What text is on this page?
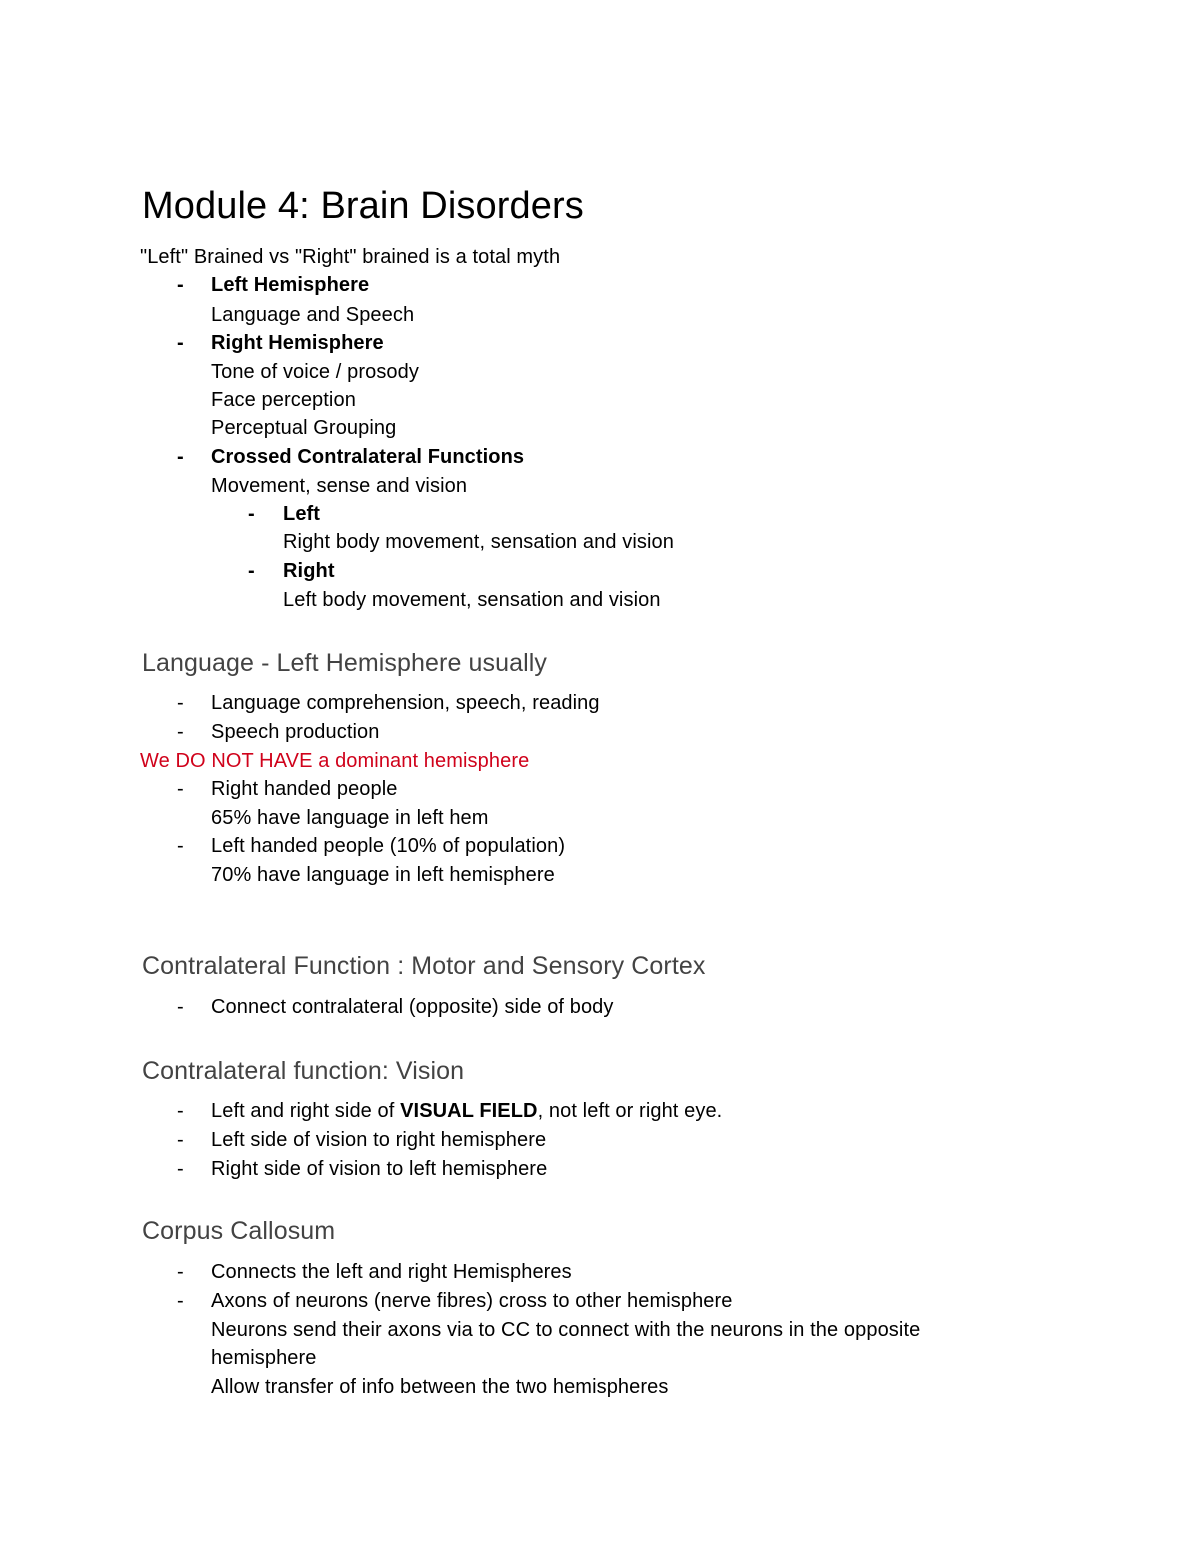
Module 4: Brain Disorders
"Left" Brained vs "Right" brained is a total myth
- Left Hemisphere
Language and Speech
- Right Hemisphere
Tone of voice / prosody
Face perception
Perceptual Grouping
- Crossed Contralateral Functions
Movement, sense and vision
- Left
Right body movement, sensation and vision
- Right
Left body movement, sensation and vision
Language - Left Hemisphere usually
- Language comprehension, speech, reading
- Speech production
We DO NOT HAVE a dominant hemisphere
- Right handed people
65% have language in left hem
- Left handed people (10% of population)
70% have language in left hemisphere
Contralateral Function : Motor and Sensory Cortex
- Connect contralateral (opposite) side of body
Contralateral function: Vision
- Left and right side of VISUAL FIELD, not left or right eye.
- Left side of vision to right hemisphere
- Right side of vision to left hemisphere
Corpus Callosum
- Connects the left and right Hemispheres
- Axons of neurons (nerve fibres) cross to other hemisphere
Neurons send their axons via to CC to connect with the neurons in the opposite
hemisphere
Allow transfer of info between the two hemispheres
